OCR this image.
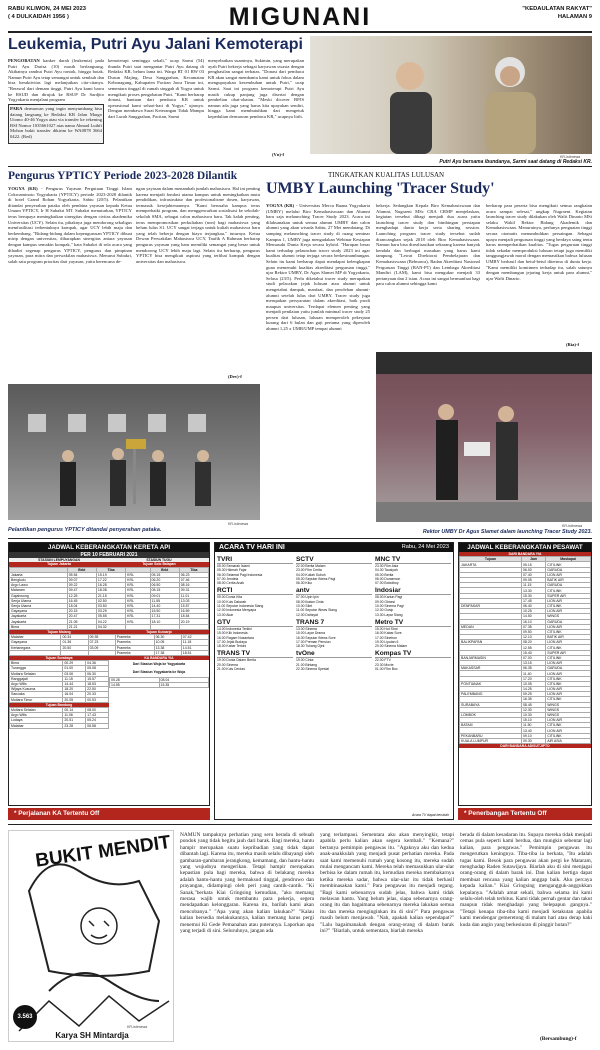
RABU KLIWON, 24 MEI 2023
( 4 DULKAIDAH 1956 )	MIGUNANI	"KEDAULATAN RAKYAT"
HALAMAN 9
Leukemia, Putri Ayu Jalani Kemoterapi
PENGOBATAN kanker darah (leukemia) pada Putri Ayu Darisa (10) masih berlangsung. Akibatnya rambut Putri Ayu rontok, hingga botak. Namun Putri Ayu tetap semangat untuk sembuh dan bisa beraktivitas lagi melanjutkan cita-citanya. "Berawal dari demam tinggi, Putri Ayu kami bawa ke RSUD dan dirujuk ke RSUP Dr Sardjito Yogyakarta menjalani program
PARA dermawan yang ingin menyumbang bisa datang langsung ke Redaksi KR Jalan Margo Utomo 40-46 Yogya atau via transfer ke rekening BSI Nomor 1035661027 atas nama Ahmad Luthfi Mohon bukti transfer dikirim ke WA0878 3664 0422. (Red)
kemoterapi seminggu sekali," ucap Sarmi (54) ibunda Putri saat mengantar Putri Ayu datang di Redaksi KR, belum lama ini. Warga RT 01 RW 03 Dusun Majing, Desa Sanggrahan, Kecamatan Kebonagung, Kabupaten Pacitan Jawa Timur ini, sementara tinggal di rumah singgah di Yogya untuk mengikuti proses pengobatan Putri. "Kami berharap donasi, bantuan dari pembaca KR untuk operasional kami sehari-hari di Yogya," ujarnya. Dengan membawa Surat Keterangan Tidak Mampu dari Lurah Sanggrahan, Pacitan, Sarmi
menyebutkan suaminya, Sukimin, yang merupakan ayah Putri bekerja sebagai karyawan swasta dengan penghasilan sangat terbatas. "Donasi dari pembaca KR akan sangat membantu kami untuk fokus dalam mengupayakan kesembuhan untuk Putri," ucap Sarmi. Saat ini program kemoterapi Putri Ayu masih cukup panjang juga disertai dengan pembelian obat-obatan. "Meski dicover BPJS namun ada juga yang harus kita upayakan sendiri, hingga kami membutuhkan dari mengetuk kepedulian dermawan pembaca KR," ucapnya lirih.
(Vn)-f	KR-istimewa
Putri Ayu bersama ibundanya, Sarmi saat datang di Redaksi KR.
Pengurus YPTICY Periode 2023-2028 Dilantik
YOGYA (KR) - Pengurus Yayasan Pergutuan Tinggi Islam Cokroaminoto Yogyakarta (YPTICY) periode 2023-2028 dilantik di hotel Grand Rohan Yogyakarta, Sabtu (20/5). Pelantikan ditandai penyerahan pataka oleh pembina yayasan kepada Ketua Umum YPTICY, Ir H Subakri MT. Subakri menuturkan, YPTICY terus berupaya meningkatkan sinergitas dengan civitas akademika Universitas (UCY). Selain itu, pihaknya juga mendorong sekaligus memfasilitasi terbentuknya kompak, agar UCY lebih maju dan berkembang. "Bidang-bidang dalam kepengurusan YPTICY dibuat mirip dengan universitas, diharapkan sinergitas antara yayasan dengan kampus semakin kompak," kata Subakri di sela acara yang dihadiri segenap pengurus YPTICY, pengurus dan pimpinan yayasan, para mitra dan perwakilan mahasiswa. Menurut Subakri, salah satu program prioritas dari yayasan, yaitu berencana de-
ngan yayasan dalam menambah jumlah mahasiswa. Hal ini penting karena menjadi fondasi utama kampus untuk meningkatkan mutu pendidikan, infrastruktur dan profesionalisme dosen, karyawan, termasuk kesejahteraannya. "Kami berusaha kampus terus memperbaiki program, dan menggencarkan sosialisasi ke sekolah-sekolah SMA, sebagai calon mahasiswa baru. Tak kalah penting, terus mempromosikan perkuliahan (non) bagi mahasiswa yang belum lulus S1. UCY sangat terjaga untuk kuliah mahasiswa baru yang telah bekerja dengan biaya terjangkau," tuturnya. Ketua Dewan Perwakilan Mahasiswa UCY, Taufik A Rahman berharap pengurus yayasan yang baru memiliki semangat yang besar untuk mendorong UCY lebih maju lagi. Selain itu berharap, pengurus YPTICY bisa mengikuti aspirasi yang terlihat kompak dengan universitas dan mahasiswa.
(Dev)-f
KR-istimewa
Pelantikan pengurus YPTICY ditandai penyerahan pataka.
TINGKATKAN KUALITAS LULUSAN
UMBY Launching 'Tracer Study'
YOGYA (KR) - Universitas Mercu Buana Yogyakarta (UMBY) melalui Biro Kemahasiswaan dan Alumni baru saja melaunching Tracer Study 2023. Acara ini dilaksanakan untuk semua alumni UMBY dan calon alumni yang akan wisuda Sabtu, 27 Mei mendatang. Di samping melaunching tracer study di ruang seminar Kampus 1, UMBY juga mengadakan Webinar Kesiapan Memasuki Dunia Kerja secara hybrid. "Harapan besar kami terhadap pelaunchan tracer study 2023 ini agar kualitas alumni tetap terjaga secara berkesinambungan. Selain itu kami berharap dapat mendapat kelengkapan guna memenuhi kualitas akreditasi perguruan tinggi," ujar Rektor UMBY, Dr Agus Slamet MP di Yogyakarta, Selasa (23/5). Perlu diketahui tracer study merupakan studi pelacakan jejak lulusan atau alumni untuk mengetahui dampak, manfaat, dan perolehan alumni-alumni setelah lulus dari UMBY. Tracer study juga merupakan persyaratan dalam akreditasi, baik prodi maupun universitas. Terdapat elemen penting yang menjadi penilaian yaitu jumlah minimal tracer study 25 persen dari lulusan, lulusan memperoleh pekerjaan kurang dari 6 bulan dan gaji pertama yang diperoleh alumni 1,25 x UMR/UMP tempat alumni
bekerja. Sedangkan Kepala Biro Kemahasiswaan dan Alumni, Nugraeni MSc CRA CRMP menjelaskan, kegiatan tersebut dibagi menjadi dua acara yaitu launching tracer study dan bimbingan persiapan menghadapi dunia kerja serta sharing session. Launching program tracer study tersebut sudah dirancangkan sejak 2018 oleh Biro Kemahasiswaan. Namun baru bisa direalisasikan sekarang karena banyak kendala dan berbagai masukan yang harus kami tampung. "Lewat Direktorat Pembelajaran dan Kemahasiswaan (Belmawa), Badan Akreditasi Nasional Perguruan Tinggi (BAN-PT) dan Lembaga Akreditasi Mandiri (LAM), kami bisa mengukur menjadi 33 pertanyaan dan 2 isian. Acara ini sangat bermanfaat bagi para calon alumni sehingga kami
berharap para peserta bisa mengikuti semua rangkaian acara sampai selesai," ungkap Nugraeni. Kegiatan launching tracer study dilakukan oleh Wafit Dinarto MSi selaku Wakil Rektor Bidang Akademik dan Kemahasiswaan. Menurutnya, perlunya penguatan tinggi secara otomatis menumbuhkan persaingan. Sebagai upaya menjadi perguruan tinggi yang berdaya saing tentu harus memperhatikan kualitas. "Tugas perguruan tinggi tidak sekadar memproduksi lulusan tetapi juga memiliki tanggungjawab moral dengan memastikan bahwa lulusan UMBY berhasil dan betul-betul diterima di dunia kerja. "Kami memiliki komitmen terhadap itu, salah satunya dengan membangun jejaring kerja untuk para alumni," ujar Wafit Dinarto.
(Ria)-f
KR-istimewa
Rektor UMBY Dr Agus Slamet dalam launching Tracer Study 2023.
JADWAL KEBERANGKATAN KERETA API
PER 10 FEBRUARI 2021
STASIUN LEMPUYANGAN	STASIUN TUGU
Tujuan Jakarta	Tujuan Solo Balapan
	Brkt	Tiba		Brkt	Tiba
Jakarta	05.54	15.19	KRL	05.15	06.23
Bengkulu	09.07	17.22	KRL	06.20	07.46
Argo Lawu	09.22	16.28	KRL	06.50	08.16
Mataram	09.47	18.08	KRL	08.15	09.31
Gajahwong	12.25	21.15	KRL	09.01	11.01
Senja Utama	16.45	02.50	KRL	11.55	13.03
Senja Utama	18.04	03.50	KRL	14.40	15.57
Gayayana	20.15	03.29	KRL	15.50	16.59
Jayakarta	20.47	05.55	KRL	17.31	18.54
Jayakarta	21.05	04.22	KRL	18.10	20.19
Bima	21.21	04.32			
Tujuan Malang	Tujuan Kutoarjo
Malabar	00.34	09.35	Prameks	06.30	07.42
Gayayana	01.36	07.23	Prameks	10.05	11.18
Kertanegara	20.50	03.09	Prameks	13.38	14.51
			Prameks	17.38	18.51
Tujuan Surabaya	KA BANDARA YIA
Bima	00.29	04.36
Turangga	01.00	05.08
Mutiara Selatan	03.06	06.30
Ranggajati	11.15	15.57
Argo Wilis	14.44	18.53
Wijaya Kusuma	18.20	22.50
Sancaka	16.04	20.33
Mutiara Timur	20.05	00.53
Dari Stasiun Woja ke Yogyakarta
Dari Stasiun Yogyakarta ke Woja
05.28	08.04
14.55	15.35
Tujuan Bandung
Mutiara Selatan	00.14	08.00
Argo Wilis	11.06	17.43
Lodaya	20.51	05.24
Malabar	23.28	06.58
* Perjalanan KA Tertentu Off
ACARA TV HARI INI	Rabu, 24 Mei 2023
TVRI
05.00 Semarak Islami
05.30 Hikmah Fajar
06.00 Selamat Pagi Indonesia
07.00 Jendela
08.00 Cerita Anak
RCTI
09.00 Dunia Kita
10.00 Kuis Dakwah
11.00 Seputar Indonesia Siang
12.00 Indonesia Menyapa
13.00 Akar
GTV
14.00 Indonesia Terkini
15.00 Klik Indonesia
16.00 Ragam Nusantara
17.00 Jejak Budaya
18.00 Kabar Terkini
TRANS TV
19.00 Dunia Dalam Berita
20.00 Sinema
21.00 Kuis Cerdas
SCTV
22.00 Berita Malam
23.00 Film Cerita
04.00 Kuliah Subuh
05.00 Seputar iNews Pagi
06.30 Kiko
antv
07.00 Upin Ipin
08.00 Ikatan Cinta
10.00 Silet
11.00 Seputar iNews Siang
12.00 Dahsyat
TRANS 7
13.00 Sinema
15.00 Layar Drama
16.30 Seputar iNews Sore
17.00 Preman Pensiun
18.30 Tukang Ojek
tvOne
19.00 Cinta
21.00 Bintang
22.30 Sinema Spesial
MNC TV
23.30 Film Asia
04.30 Tausiyah
05.00 Berita
06.00 Doraemon
07.00 Boboiboy
Indosiar
08.00 Kartun Pagi
09.00 Obsesi
10.00 Sinema Pagi
12.00 Gosip
13.30 Layar Siang
Metro TV
15.00 Hot Shot
16.00 Kabar Sore
17.00 Sinetron
19.00 Liputan 6
20.00 Sinema Malam
Kompas TV
22.00 FTV
23.30 Movie
01.00 Film Box
Acara TV dapat berubah
JADWAL KEBERANGKATAN PESAWAT
DARI BANDARA YIA
Tujuan	Jam	Maskapai
JAKARTA	05.15	CITILINK
	06.00	GARUDA
	07.40	LION AIR
	09.05	BATIK AIR
	11.15	GARUDA
	13.30	CITILINK
	15.30	SUPER AIR
	17.45	LION AIR
DENPASAR	06.40	CITILINK
	10.25	LION AIR
	14.50	WINGS
	16.10	GARUDA
MEDAN	07.35	LION AIR
	09.50	CITILINK
	12.10	BATIK AIR
BALIKPAPAN	08.20	LION AIR
	12.55	CITILINK
	15.40	SUPER AIR
BANJARMASIN	07.00	CITILINK
	13.15	LION AIR
MAKASSAR	06.35	GARUDA
	11.40	LION AIR
	17.20	CITILINK
PONTIANAK	10.05	CITILINK
	14.25	LION AIR
PALEMBANG	09.25	LION AIR
	16.35	CITILINK
SURABAYA	08.45	WINGS
	12.30	WINGS
LOMBOK	10.30	WINGS
	15.10	LION AIR
BATAM	11.50	CITILINK
	13.40	LION AIR
PEKANBARU	09.10	CITILINK
KUALA LUMPUR	09.30	AIR ASIA
DARI BANDARA ADISUTJIPTO
* Penerbangan Tertentu Off
BUKIT MENDIT
3.563
KR-istimewa
Karya SH Mintardja
NAMUN tampaknya perhatian yang seru berada di sebuah pondok yang tidak begitu jauh dari barak. Bagi mereka, hantu hampir merupakan suatu kepribadian yang tidak dapat dibantah lagi. Karena itu, mereka masih selalu dibayangi oleh gambaran-gambaran jerangkong, kemamang, dan hantu-hantu yang wujudnya mengerikan. Tetapi hampir merupakan kepastian pula bagi mereka, bahwa di belakang mereka adalah hantu-hantu yang bermaksud tinggal, gendruwo dan prayangan, didampingi oleh peri yang cantik-cantik. "Ki Sanak,"berkata Kiai Gringsing kemudian, "aku memang merasa wajib untuk membantu para pekerja, segera mendapatkan kelonggaran. Karena itu, barilah kami akan mencobanya." "Apa yang akan kalian lakukan?" "Kalau kalian bersedia melakukannya, kalian memang harus pergi menemui Ki Gede Pemanahan atau puteranya. Laporkan apa yang terjadi di sini. Seluruhnya, jangan ada
yang terlampaui. Sementara aku akan menyingkir, tetapi apabila perlu kalian akan segera kembali." "Kemana?" bertanya pemimpin pengawas itu. "Agaknya aku dan kedua anak-anakkulah yang menjadi pusat perhatian mereka. Pada saat kami memenuhi rumah yang kosong itu, mereka sudah mulai mengancam kami. Mereka telah memasukkan ular-ular berbisa ke dalam rumah itu, kemudian mereka membakarnya ketika mereka sadar, bahwa ular-ular itu tidak berhasil membinasakan kami." Para pengawas itu menjadi tegang. "Bagi kami sebenarnya sudah jelas, bahwa kami tidak melawan hantu. Yang belum jelas, siapa sebenarnya orang-orang itu dan bagaimana sebenarnya mereka lakukan semua itu dan mereka menginginkan itu di sini?" Para pengawas masih belum menjawab. "Nah, apakah kalian sependapat?" "Lalu bagaimanakah dengan orang-orang di dalam barak ini?" "Biarlah, untuk sementara, biarlah mereka
berada di dalam kesadaran itu. Supaya mereka tidak menjadi cemas pula seperti kami berdua, dan mungkin sebentar lagi kalian, para pengawas." Pemimpin pengawas itu mengerutkan keningnya. Tiba-tiba ia berkata, "Itu adalah tugas kami. Besok para pengawas akan pergi ke Mataram, menghadap Raden Sutawijaya. Biarlah aku di sini menjagai orang-orang di dalam barak ini. Dan kalian bertiga dapat membuat rencana yang kalian anggap baik. Aku percaya kepada kalian." Kiai Gringsing mengangguk-anggukkan kepalanya. "Adalah amat sekali, bahwa selama ini kami selalu-oleh telah terhitus. Kami tidak pernah gentar dan takut maupun tidak menghadapi yang belepapun gangnya." "Tetapi kenapa tiba-tiba kami menjadi ketakutan apabila kami mendengar gemeretong di malam hari atau derap kaki kuda dan angin yang berkesiuran di pinggir hutan?"
(Bersambung)-f
